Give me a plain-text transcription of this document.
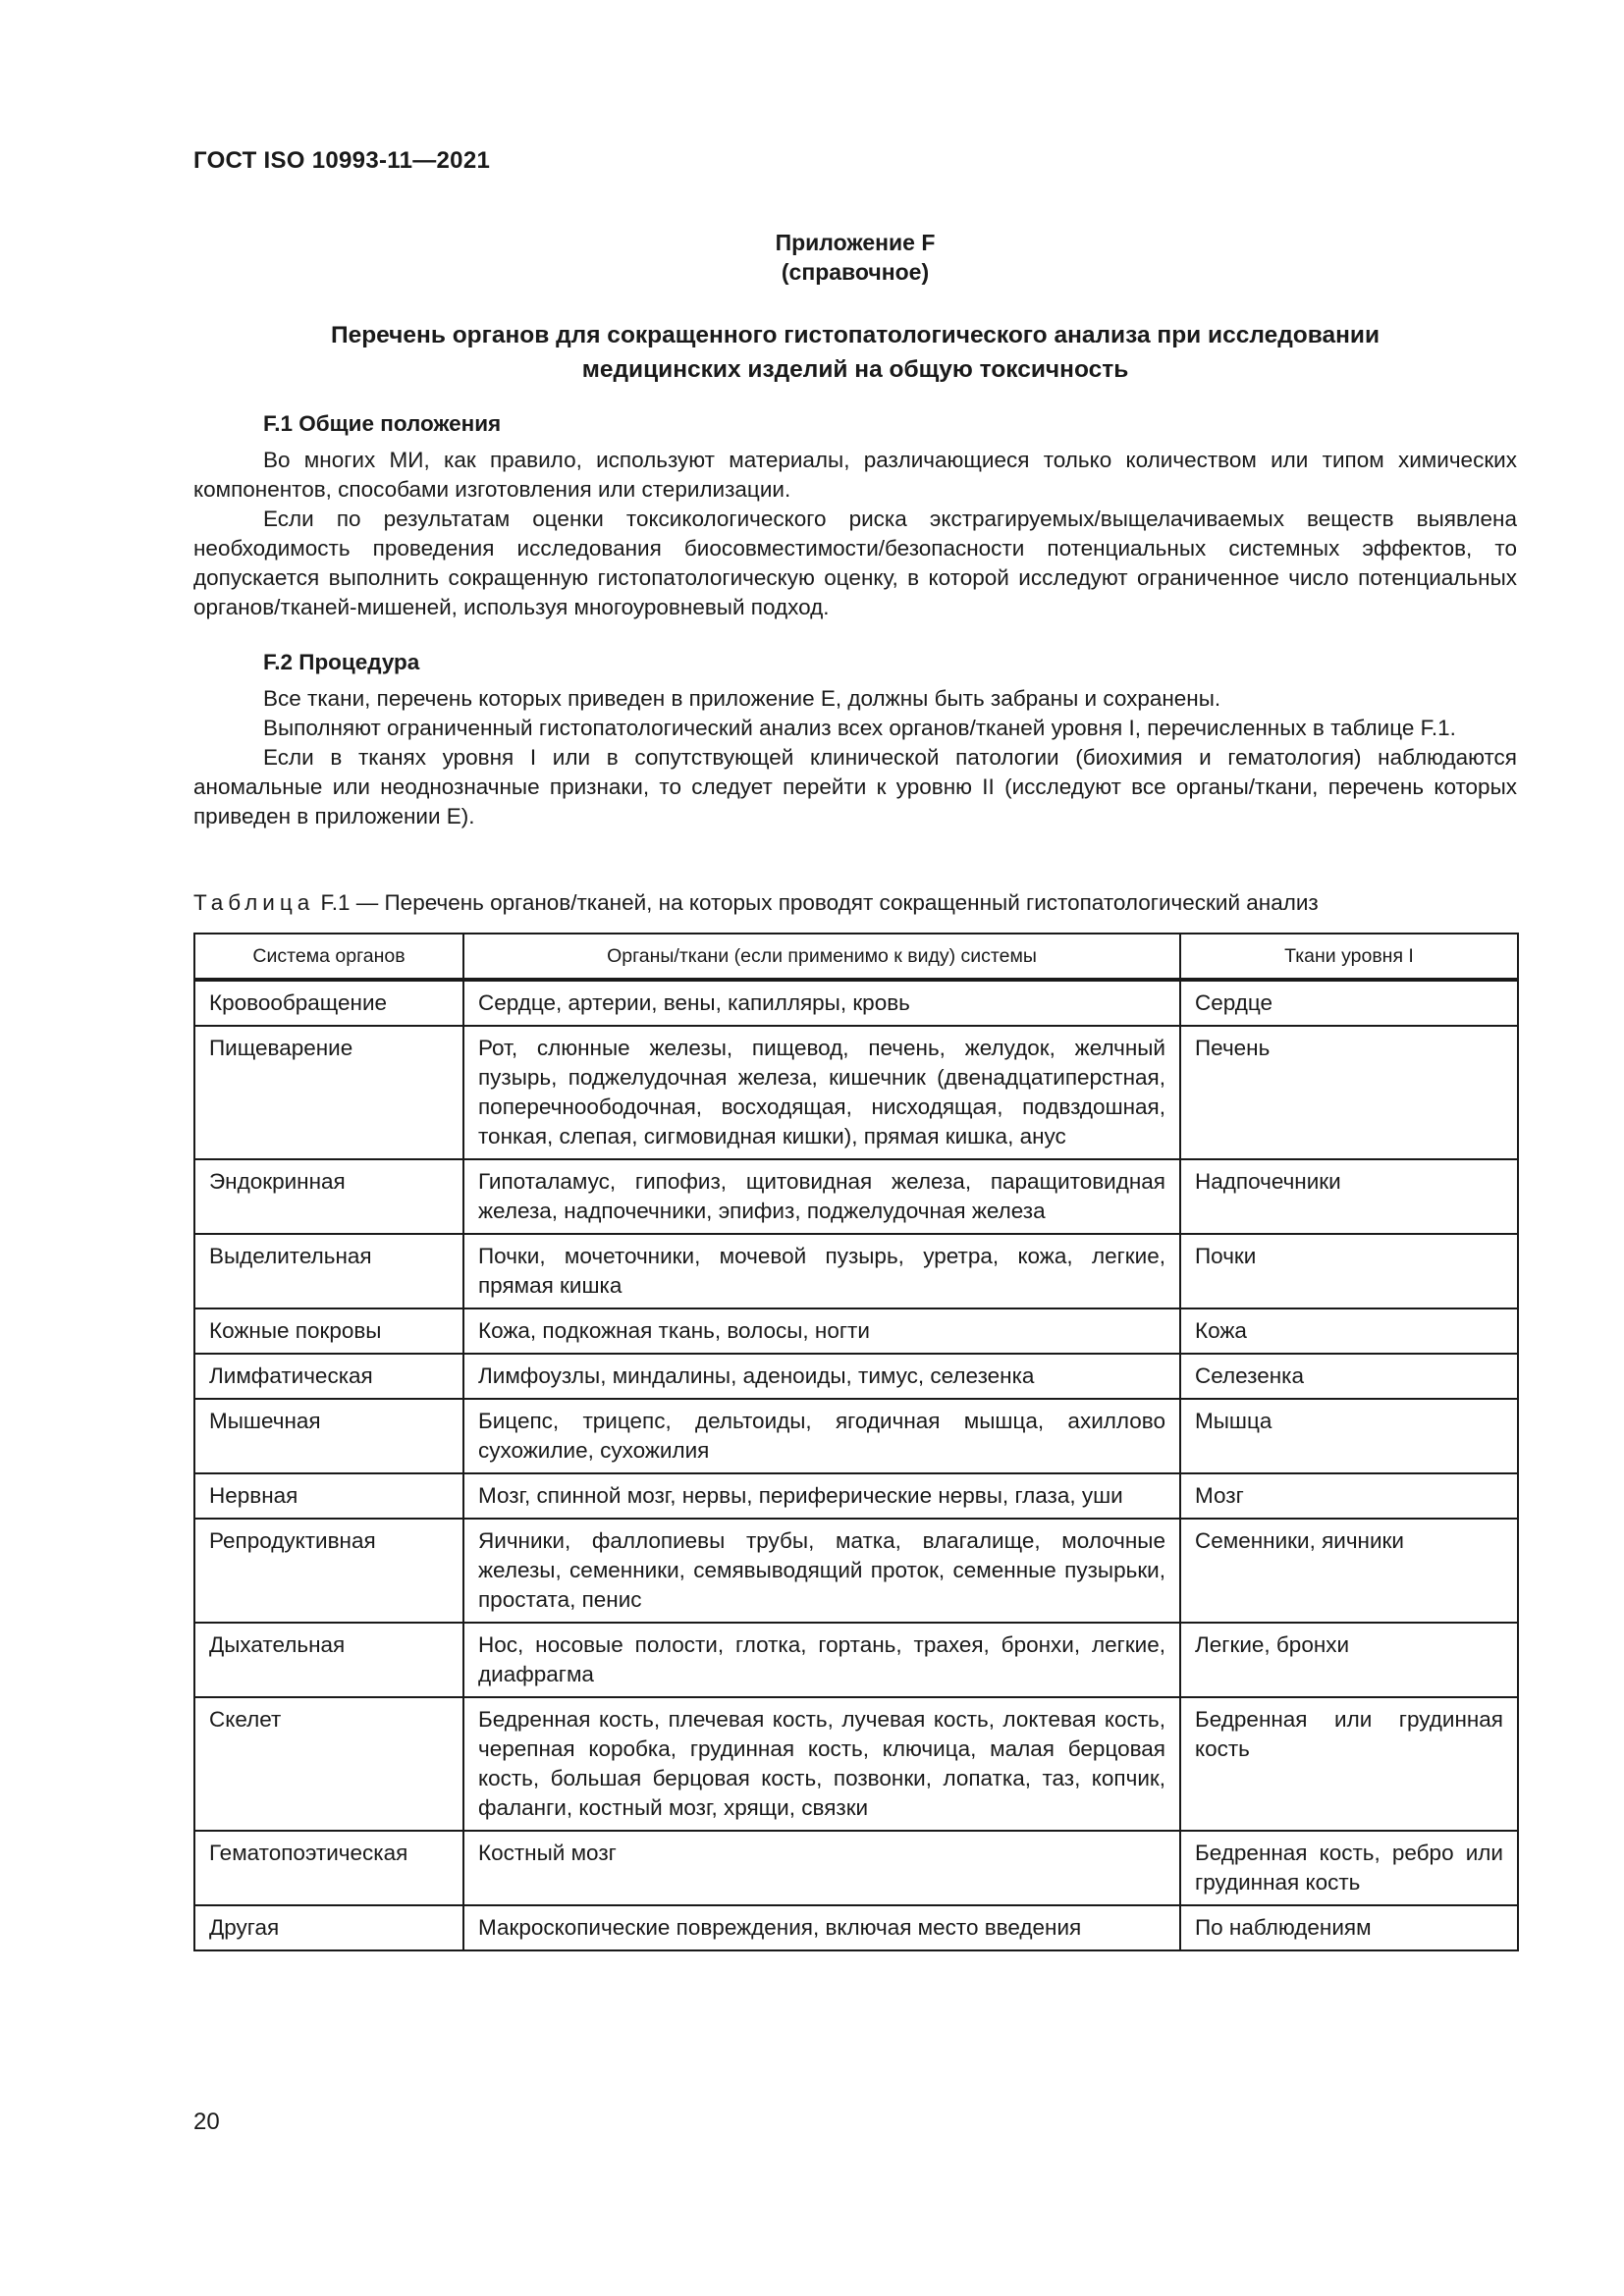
ГОСТ ISO 10993-11—2021
Приложение F
(справочное)
Перечень органов для сокращенного гистопатологического анализа при исследовании
медицинских изделий на общую токсичность
F.1 Общие положения

Во многих МИ, как правило, используют материалы, различающиеся только количеством или типом химических компонентов, способами изготовления или стерилизации.

Если по результатам оценки токсикологического риска экстрагируемых/выщелачиваемых веществ выявлена необходимость проведения исследования биосовместимости/безопасности потенциальных системных эффектов, то допускается выполнить сокращенную гистопатологическую оценку, в которой исследуют ограниченное число потенциальных органов/тканей-мишеней, используя многоуровневый подход.

F.2 Процедура

Все ткани, перечень которых приведен в приложение Е, должны быть забраны и сохранены.

Выполняют ограниченный гистопатологический анализ всех органов/тканей уровня I, перечисленных в таблице F.1.

Если в тканях уровня I или в сопутствующей клинической патологии (биохимия и гематология) наблюдаются аномальные или неоднозначные признаки, то следует перейти к уровню II (исследуют все органы/ткани, перечень которых приведен в приложении Е).

Таблица F.1 — Перечень органов/тканей, на которых проводят сокращенный гистопатологический анализ
Система органов	Органы/ткани (если применимо к виду) системы	Ткани уровня I
Кровообращение	Сердце, артерии, вены, капилляры, кровь	Сердце
Пищеварение	Рот, слюнные железы, пищевод, печень, желудок, желчный пузырь, поджелудочная железа, кишечник (двенадцатиперстная, поперечноободочная, восходящая, нисходящая, подвздошная, тонкая, слепая, сигмовидная кишки), прямая кишка, анус	Печень
Эндокринная	Гипоталамус, гипофиз, щитовидная железа, паращитовидная железа, надпочечники, эпифиз, поджелудочная железа	Надпочечники
Выделительная	Почки, мочеточники, мочевой пузырь, уретра, кожа, легкие, прямая кишка	Почки
Кожные покровы	Кожа, подкожная ткань, волосы, ногти	Кожа
Лимфатическая	Лимфоузлы, миндалины, аденоиды, тимус, селезенка	Селезенка
Мышечная	Бицепс, трицепс, дельтоиды, ягодичная мышца, ахиллово сухожилие, сухожилия	Мышца
Нервная	Мозг, спинной мозг, нервы, периферические нервы, глаза, уши	Мозг
Репродуктивная	Яичники, фаллопиевы трубы, матка, влагалище, молочные железы, семенники, семявыводящий проток, семенные пузырьки, простата, пенис	Семенники, яичники
Дыхательная	Нос, носовые полости, глотка, гортань, трахея, бронхи, легкие, диафрагма	Легкие, бронхи
Скелет	Бедренная кость, плечевая кость, лучевая кость, локтевая кость, черепная коробка, грудинная кость, ключица, малая берцовая кость, большая берцовая кость, позвонки, лопатка, таз, копчик, фаланги, костный мозг, хрящи, связки	Бедренная или грудинная кость
Гематопоэтическая	Костный мозг	Бедренная кость, ребро или грудинная кость
Другая	Макроскопические повреждения, включая место введения	По наблюдениям
20
